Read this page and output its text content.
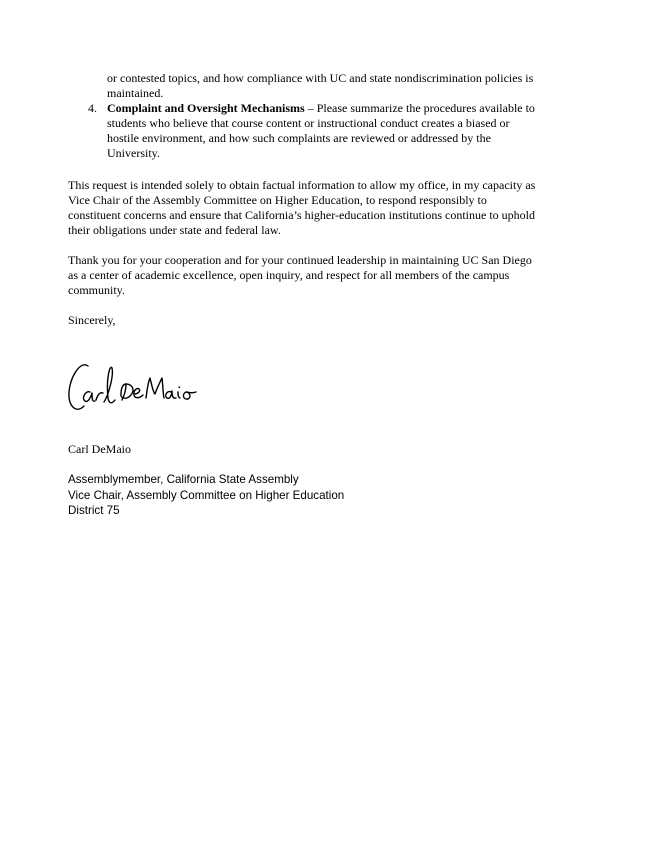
or contested topics, and how compliance with UC and state nondiscrimination policies is
maintained.
4. Complaint and Oversight Mechanisms – Please summarize the procedures available to
students who believe that course content or instructional conduct creates a biased or
hostile environment, and how such complaints are reviewed or addressed by the
University.
This request is intended solely to obtain factual information to allow my office, in my capacity as
Vice Chair of the Assembly Committee on Higher Education, to respond responsibly to
constituent concerns and ensure that California’s higher-education institutions continue to uphold
their obligations under state and federal law.
Thank you for your cooperation and for your continued leadership in maintaining UC San Diego
as a center of academic excellence, open inquiry, and respect for all members of the campus
community.
Sincerely,
Carl DeMaio
Assemblymember, California State Assembly
Vice Chair, Assembly Committee on Higher Education
District 75
